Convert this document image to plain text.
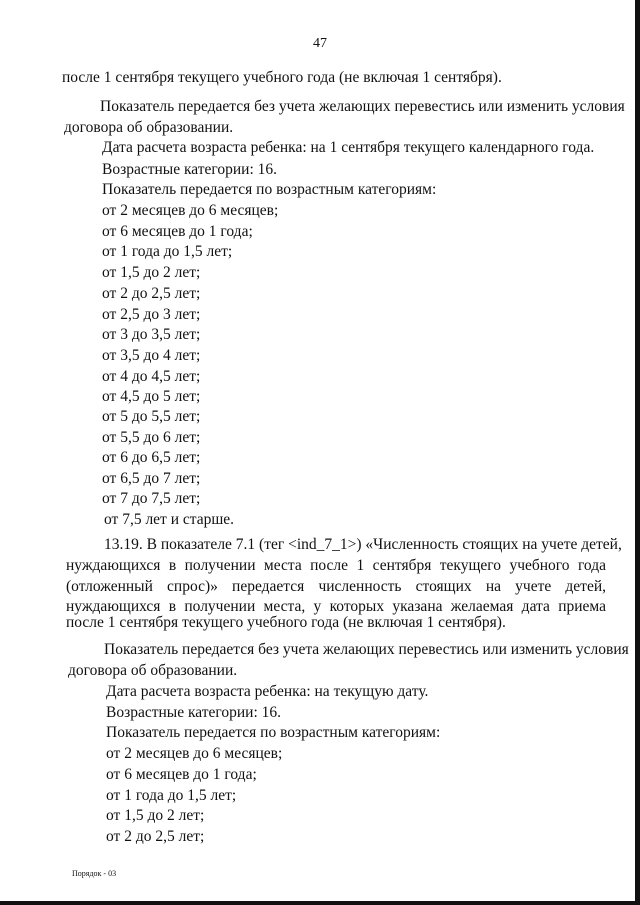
47
после 1 сентября текущего учебного года (не включая 1 сентября).
Показатель передается без учета желающих перевестись или изменить условия
договора об образовании.
Дата расчета возраста ребенка: на 1 сентября текущего календарного года.
Возрастные категории: 16.
Показатель передается по возрастным категориям:
от 2 месяцев до 6 месяцев;
от 6 месяцев до 1 года;
от 1 года до 1,5 лет;
от 1,5 до 2 лет;
от 2 до 2,5 лет;
от 2,5 до 3 лет;
от 3 до 3,5 лет;
от 3,5 до 4 лет;
от 4 до 4,5 лет;
от 4,5 до 5 лет;
от 5 до 5,5 лет;
от 5,5 до 6 лет;
от 6 до 6,5 лет;
от 6,5 до 7 лет;
от 7 до 7,5 лет;
от 7,5 лет и старше.
13.19. В показателе 7.1 (тег <ind_7_1>) «Численность стоящих на учете детей,
нуждающихся в получении места после 1 сентября текущего учебного года
(отложенный спрос)» передается численность стоящих на учете детей,
нуждающихся в получении места, у которых указана желаемая дата приема
после 1 сентября текущего учебного года (не включая 1 сентября).
Показатель передается без учета желающих перевестись или изменить условия
договора об образовании.
Дата расчета возраста ребенка: на текущую дату.
Возрастные категории: 16.
Показатель передается по возрастным категориям:
от 2 месяцев до 6 месяцев;
от 6 месяцев до 1 года;
от 1 года до 1,5 лет;
от 1,5 до 2 лет;
от 2 до 2,5 лет;
Порядок - 03
